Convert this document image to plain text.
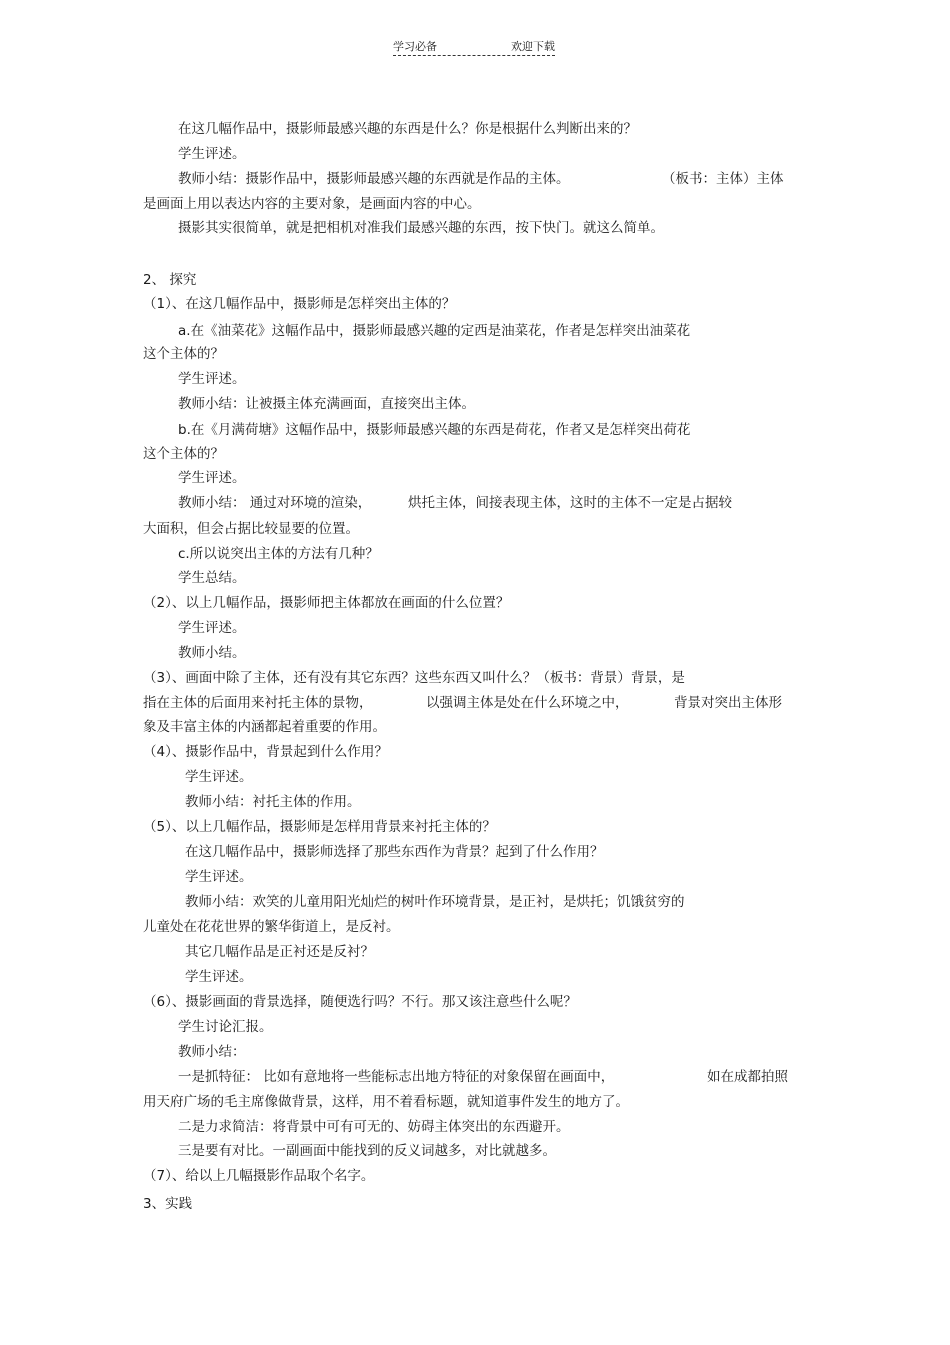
学习必备	欢迎下载
在这几幅作品中，摄影师最感兴趣的东西是什么？你是根据什么判断出来的？
学生评述。
教师小结：摄影作品中，摄影师最感兴趣的东西就是作品的主体。	（板书：主体）主体
是画面上用以表达内容的主要对象，是画面内容的中心。
摄影其实很简单，就是把相机对准我们最感兴趣的东西，按下快门。就这么简单。
2、 探究
（1）、在这几幅作品中，摄影师是怎样突出主体的？
a.在《油菜花》这幅作品中，摄影师最感兴趣的定西是油菜花，作者是怎样突出油菜花
这个主体的？
学生评述。
教师小结：让被摄主体充满画面，直接突出主体。
b.在《月满荷塘》这幅作品中，摄影师最感兴趣的东西是荷花，作者又是怎样突出荷花
这个主体的？
学生评述。
教师小结： 通过对环境的渲染，	烘托主体，间接表现主体，这时的主体不一定是占据较
大面积，但会占据比较显要的位置。
c.所以说突出主体的方法有几种？
学生总结。
（2）、以上几幅作品，摄影师把主体都放在画面的什么位置？
学生评述。
教师小结。
（3）、画面中除了主体，还有没有其它东西？这些东西又叫什么？（板书：背景）背景，是
指在主体的后面用来衬托主体的景物，	以强调主体是处在什么环境之中，	背景对突出主体形
象及丰富主体的内涵都起着重要的作用。
（4）、摄影作品中，背景起到什么作用？
学生评述。
教师小结：衬托主体的作用。
（5）、以上几幅作品，摄影师是怎样用背景来衬托主体的？
在这几幅作品中，摄影师选择了那些东西作为背景？起到了什么作用？
学生评述。
教师小结：欢笑的儿童用阳光灿烂的树叶作环境背景，是正衬，是烘托；饥饿贫穷的
儿童处在花花世界的繁华街道上，是反衬。
其它几幅作品是正衬还是反衬？
学生评述。
（6）、摄影画面的背景选择，随便选行吗？不行。那又该注意些什么呢？
学生讨论汇报。
教师小结：
一是抓特征： 比如有意地将一些能标志出地方特征的对象保留在画面中，	如在成都拍照
用天府广场的毛主席像做背景，这样，用不着看标题，就知道事件发生的地方了。
二是力求简洁：将背景中可有可无的、妨碍主体突出的东西避开。
三是要有对比。一副画面中能找到的反义词越多，对比就越多。
（7）、给以上几幅摄影作品取个名字。
3、实践
